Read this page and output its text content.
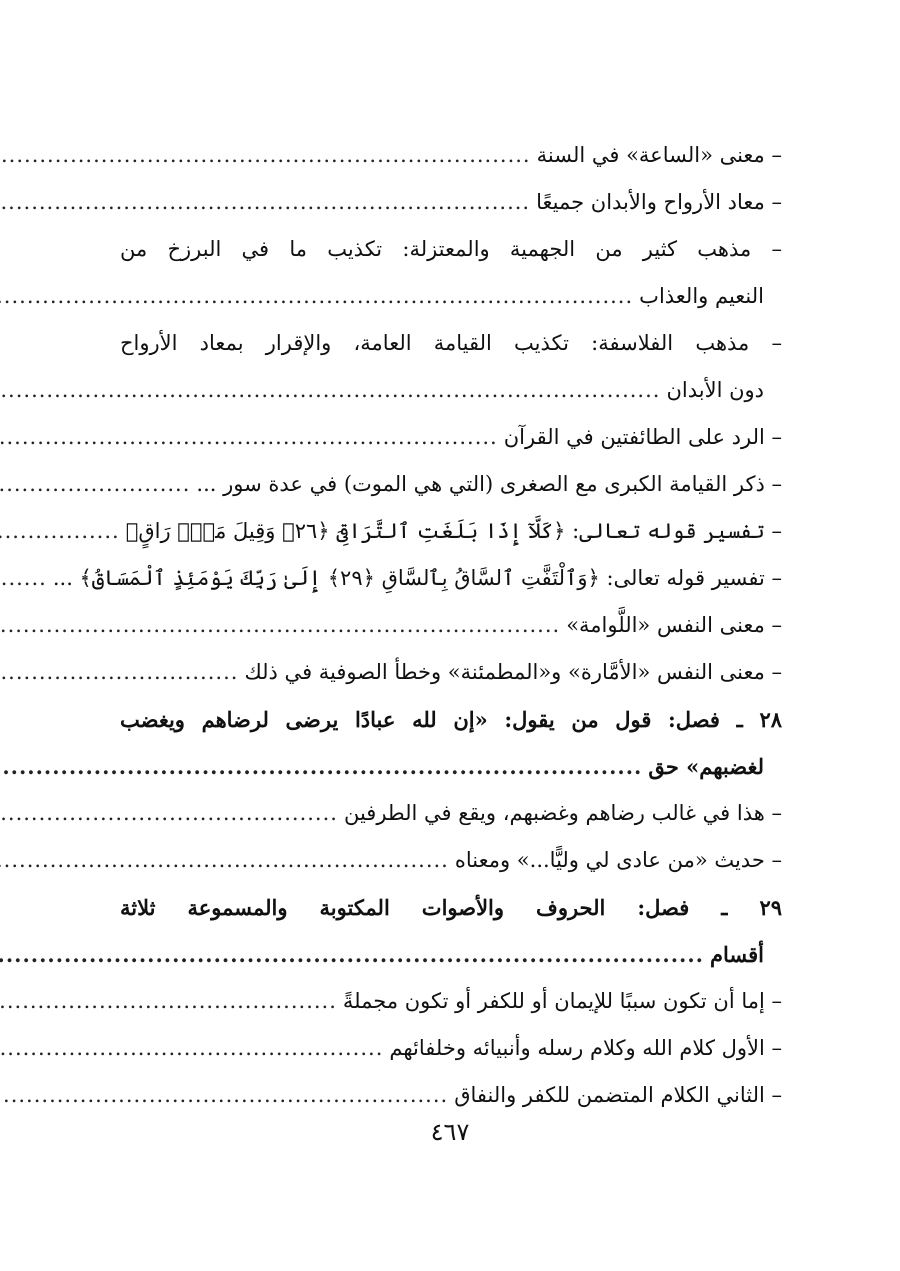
– معنى «الساعة» في السنة
.....
– معاد الأرواح والأبدان جميعًا
.....
– مذهب كثير من الجهمية والمعتزلة: تكذيب ما في البرزخ من
النعيم والعذاب
.....
– مذهب الفلاسفة: تكذيب القيامة العامة، والإقرار بمعاد الأرواح
دون الأبدان
.....
– الرد على الطائفتين في القرآن
.....
– ذكر القيامة الكبرى مع الصغرى (التي هي الموت) في عدة سور ...
.....
– تفسير قوله تعالى: ﴿كَلَّآ إِذَا بَلَغَتِ ٱلتَّرَاقِىَ ﴿٢٦﴾ وَقِيلَ مَنْۜ رَاقٍ﴾
.....
– تفسير قوله تعالى: ﴿وَٱلْتَفَّتِ ٱلسَّاقُ بِٱلسَّاقِ ﴿٢٩﴾ إِلَىٰ رَبِّكَ يَوْمَئِذٍ ٱلْمَسَاقُ﴾ ...
.....
– معنى النفس «اللَّوامة»
.....
– معنى النفس «الأمَّارة» و«المطمئنة» وخطأ الصوفية في ذلك
.....
٢٨ ـ فصل: قول من يقول: «إن لله عبادًا يرضى لرضاهم ويغضب
لغضبهم» حق
.....
– هذا في غالب رضاهم وغضبهم، ويقع في الطرفين
.....
– حديث «من عادى لي وليًّا...» ومعناه
.....
٢٩ ـ فصل: الحروف والأصوات المكتوبة والمسموعة ثلاثة
أقسام
.....
– إما أن تكون سببًا للإيمان أو للكفر أو تكون مجملةً
.....
– الأول كلام الله وكلام رسله وأنبيائه وخلفائهم
.....
– الثاني الكلام المتضمن للكفر والنفاق
.....
٤٦٧
